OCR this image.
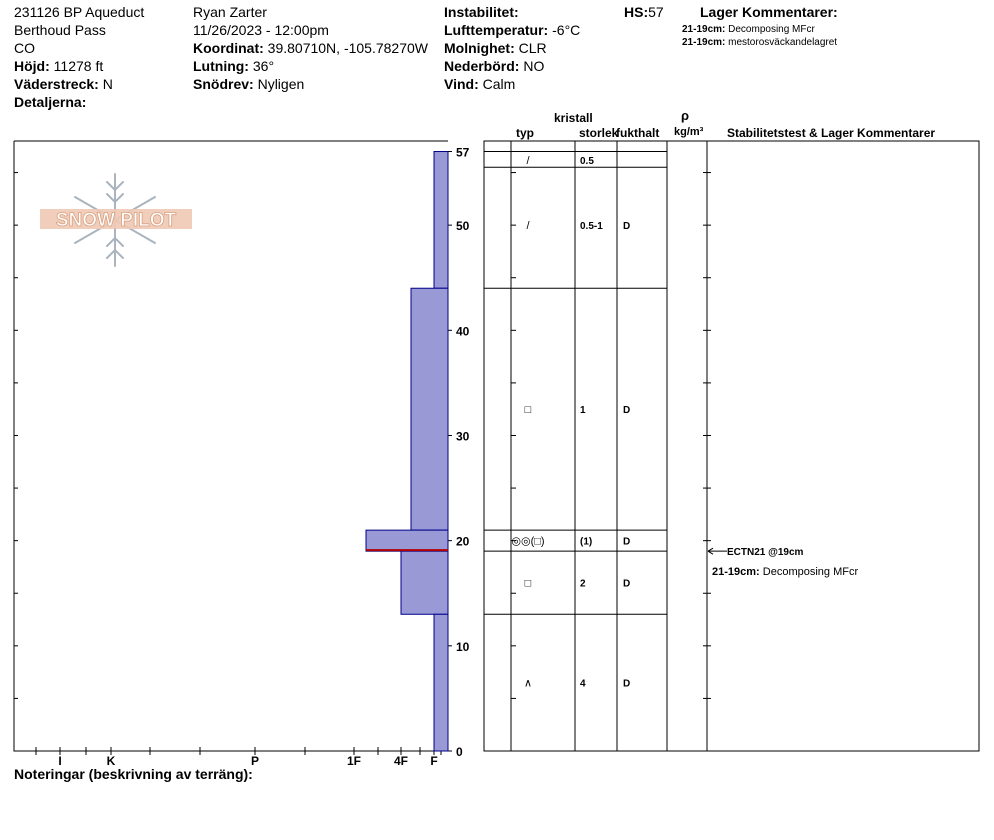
231126 BP Aqueduct
Berthoud Pass
CO
Höjd: 11278 ft
Väderstreck: N
Detaljerna:
Ryan Zarter
11/26/2023 - 12:00pm
Koordinat: 39.80710N, -105.78270W
Lutning: 36°
Snödrev: Nyligen
Instabilitet:
Lufttemperatur: -6°C
Molnighet: CLR
Nederbörd: NO
Vind: Calm
HS:57	Lager Kommentarer:
21-19cm: Decomposing MFcr
21-19cm: mestorosväckandelagret
kristall
typ	storlek
fukthalt
ρ
kg/m³ Stabilitetstest & Lager Kommentarer
Noteringar (beskrivning av terräng):
SNOW PILOT
I	K	P	1F	4F F
0
10
20
30
40
50
57
/	0.5
/	0.5-1 D
□	1	D
◎◎(□)	(1)	D
□	2	D
∧	4	D
ECTN21 @19cm
21-19cm: Decomposing MFcr
